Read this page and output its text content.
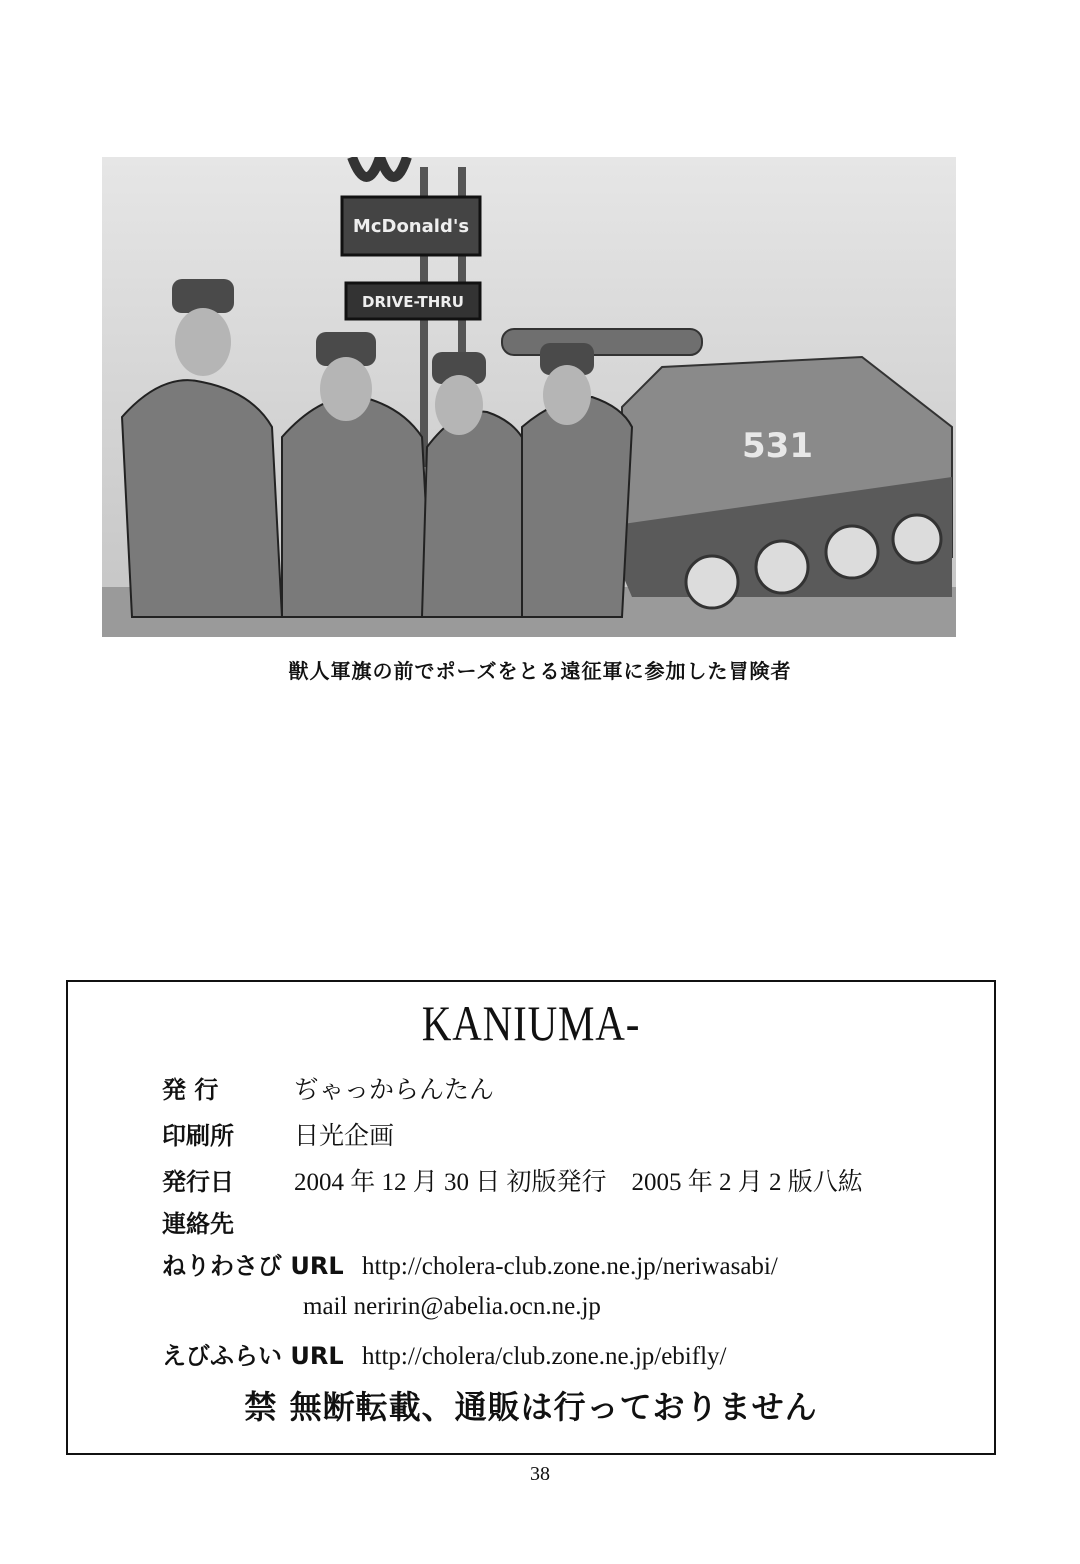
McDonald's
DRIVE-THRU
531
獣人軍旗の前でポーズをとる遠征軍に参加した冒険者
KANIUMA-
発 行	ぢゃっからんたん
印刷所 日光企画
発行日 2004 年 12 月 30 日 初版発行　2005 年 2 月 2 版八紘
連絡先
ねりわさび URL http://cholera-club.zone.ne.jp/neriwasabi/
mail neririn@abelia.ocn.ne.jp
えびふらい URL http://cholera/club.zone.ne.jp/ebifly/
禁 無断転載、通販は行っておりません
38
